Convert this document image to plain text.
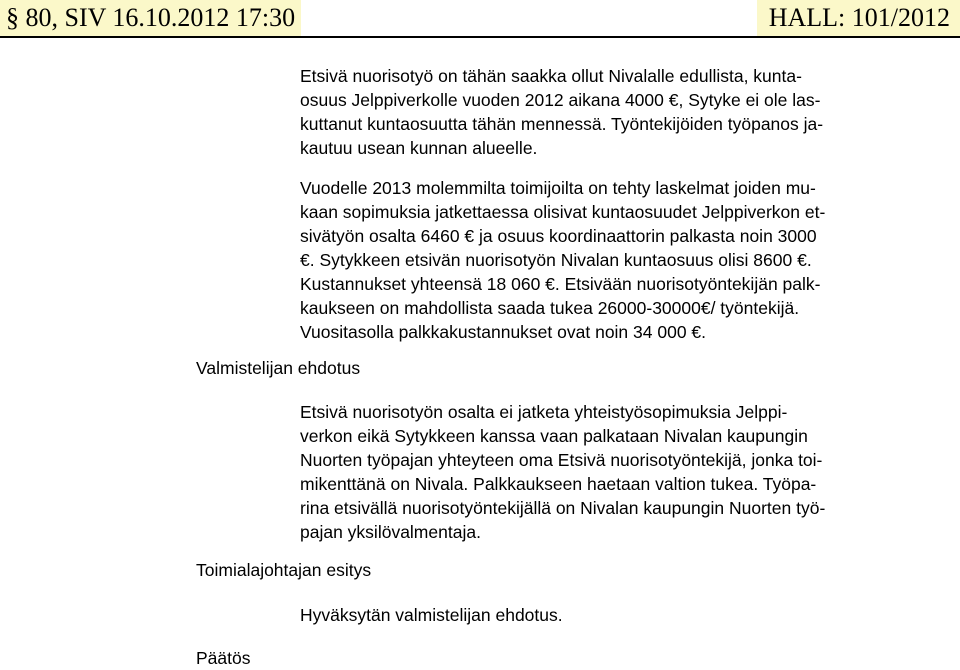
§ 80, SIV 16.10.2012 17:30	HALL: 101/2012
Etsivä nuorisotyö on tähän saakka ollut Nivalalle edullista, kunta-
osuus Jelppiverkolle vuoden 2012 aikana 4000 €, Sytyke ei ole las-
kuttanut kuntaosuutta tähän mennessä. Työntekijöiden työpanos ja-
kautuu usean kunnan alueelle.
Vuodelle 2013 molemmilta toimijoilta on tehty laskelmat joiden mu-
kaan sopimuksia jatkettaessa olisivat kuntaosuudet Jelppiverkon et-
sivätyön osalta 6460 € ja osuus koordinaattorin palkasta noin 3000
€. Sytykkeen etsivän nuorisotyön Nivalan kuntaosuus olisi 8600 €.
Kustannukset yhteensä 18 060 €. Etsivään nuorisotyöntekijän palk-
kaukseen on mahdollista saada tukea 26000-30000€/ työntekijä.
Vuositasolla palkkakustannukset ovat noin 34 000 €.
Valmistelijan ehdotus
Etsivä nuorisotyön osalta ei jatketa yhteistyösopimuksia Jelppi-
verkon eikä Sytykkeen kanssa vaan palkataan Nivalan kaupungin
Nuorten työpajan yhteyteen oma Etsivä nuorisotyöntekijä, jonka toi-
mikenttänä on Nivala. Palkkaukseen haetaan valtion tukea. Työpa-
rina etsivällä nuorisotyöntekijällä on Nivalan kaupungin Nuorten työ-
pajan yksilövalmentaja.
Toimialajohtajan esitys
Hyväksytän valmistelijan ehdotus.
Päätös
